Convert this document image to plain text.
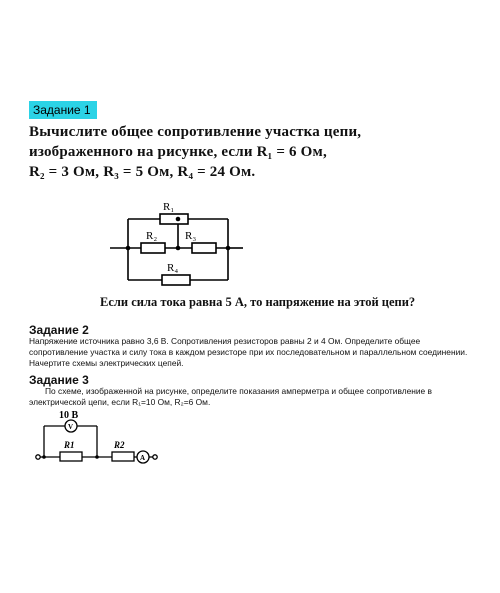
Задание 1
Вычислите общее сопротивление участка цепи,
изображенного на рисунке, если R₁ = 6 Ом,
R₂ = 3 Ом, R₃ = 5 Ом, R₄ = 24 Ом.
R₁
R₂	R₃
R₄
10 В
V
R1	R2
A
Если сила тока равна 5 А, то напряжение на этой цепи?
Задание 2
Напряжение источника равно 3,6 В. Сопротивления резисторов равны 2 и 4 Ом. Определите общее сопротивление участка и силу тока в каждом резисторе при их последовательном и параллельном соединении. Начертите схемы электрических цепей.
Задание 3
По схеме, изображенной на рисунке, определите показания амперметра и общее сопротивление в электрической цепи, если R₁=10 Ом, R₂=6 Ом.
